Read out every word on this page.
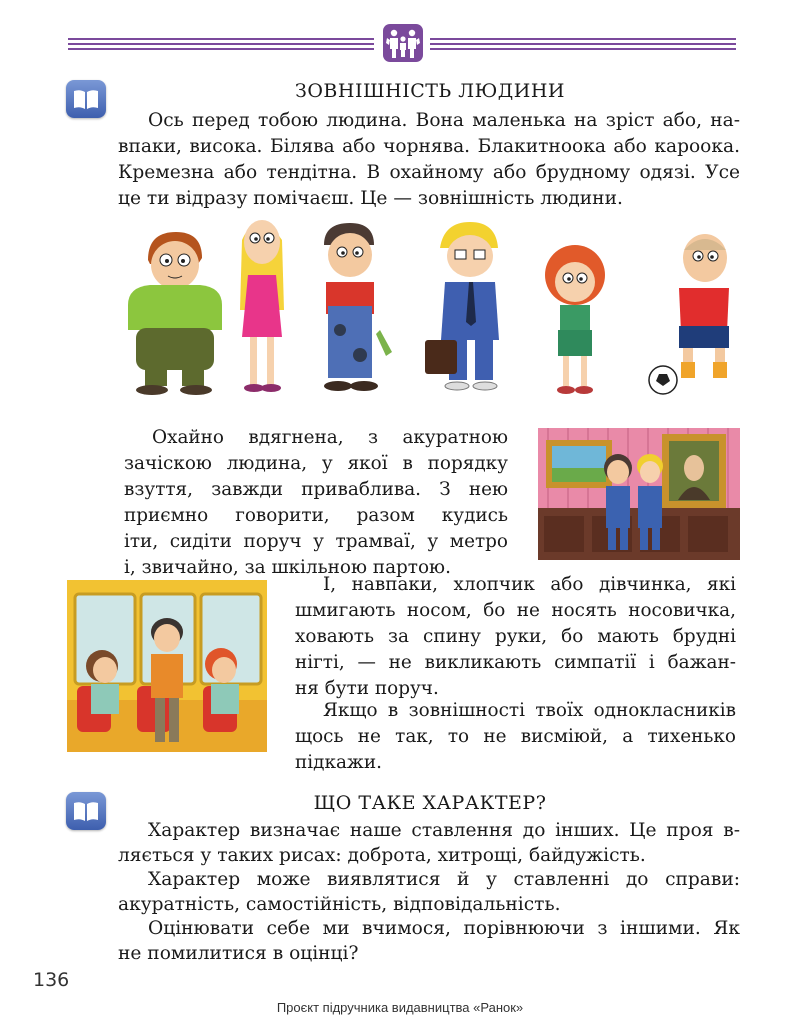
ЗОВНІШНІСТЬ ЛЮДИНИ

Ось перед тобою людина. Вона маленька на зріст або, на-

впаки, висока. Білява або чорнява. Блакитноока або кароока.

Кремезна або тендітна. В охайному або брудному одязі. Усе

це ти відразу помічаєш. Це — зовнішність людини.

Охайно вдягнена, з акуратною

зачіскою людина, у якої в порядку

взуття, завжди приваблива. З нею

приємно говорити, разом кудись

іти, сидіти поруч у трамваї, у метро

і, звичайно, за шкільною партою.

І, навпаки, хлопчик або дівчинка, які

шмигають носом, бо не носять носовичка,

ховають за спину руки, бо мають брудні

нігті, — не викликають симпатії і бажан-

ня бути поруч.

Якщо в зовнішності твоїх однокласників

щось не так, то не висміюй, а тихенько

підкажи.

ЩО ТАКЕ ХАРАКТЕР?

Характер визначає наше ставлення до інших. Це проя в-

ляється у таких рисах: доброта, хитрощі, байдужість.

Характер може виявлятися й у ставленні до справи:

акуратність, самостійність, відповідальність.

Оцінювати себе ми вчимося, порівнюючи з іншими. Як

не помилитися в оцінці?

136
Проєкт підручника видавництва «Ранок»
